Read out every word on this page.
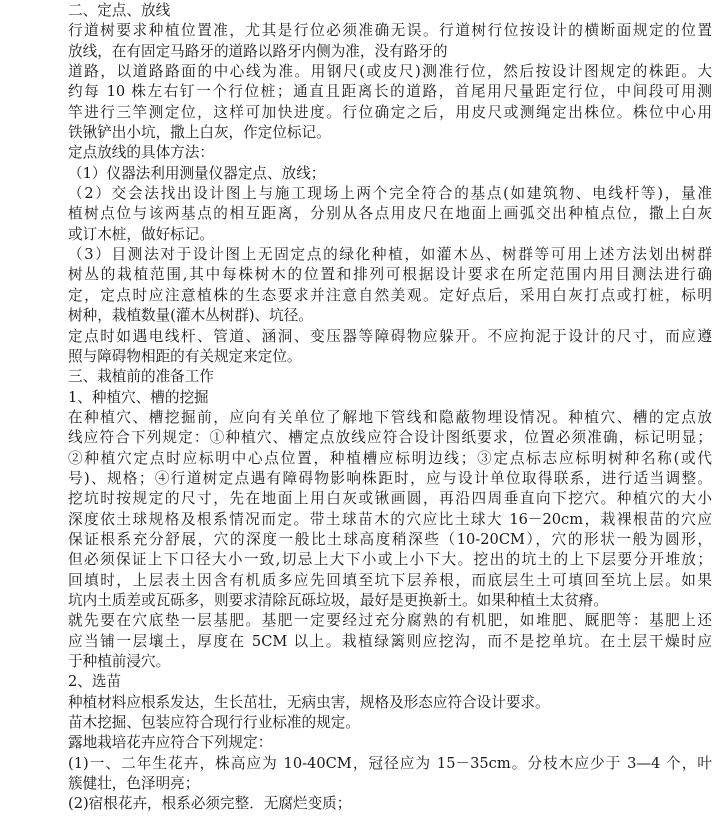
二、定点、放线
行道树要求种植位置准，尤其是行位必须准确无误。行道树行位按设计的横断面规定的位置
放线，在有固定马路牙的道路以路牙内侧为准，没有路牙的
道路，以道路路面的中心线为准。用钢尺(或皮尺)测准行位，然后按设计图规定的株距。大
约每 10 株左右钉一个行位桩；通直且距离长的道路，首尾用尺量距定行位，中间段可用测
竿进行三竿测定位，这样可加快进度。行位确定之后，用皮尺或测绳定出株位。株位中心用
铁锹铲出小坑，撒上白灰，作定位标记。
定点放线的具体方法：
（1）仪器法利用测量仪器定点、放线；
（2）交会法找出设计图上与施工现场上两个完全符合的基点(如建筑物、电线杆等)，量准
植树点位与该两基点的相互距离，分别从各点用皮尺在地面上画弧交出种植点位，撒上白灰
或订木桩，做好标记。
（3）目测法对于设计图上无固定点的绿化种植，如灌木丛、树群等可用上述方法划出树群
树丛的栽植范围,其中每株树木的位置和排列可根据设计要求在所定范围内用目测法进行确
定，定点时应注意植株的生态要求并注意自然美观。定好点后，采用白灰打点或打桩，标明
树种，栽植数量(灌木丛树群)、坑径。
定点时如遇电线杆、管道、涵洞、变压器等障碍物应躲开。不应拘泥于设计的尺寸，而应遵
照与障碍物相距的有关规定来定位。
三、栽植前的准备工作
1、种植穴、槽的挖掘
在种植穴、槽挖掘前，应向有关单位了解地下管线和隐蔽物埋设情况。种植穴、槽的定点放
线应符合下列规定：①种植穴、槽定点放线应符合设计图纸要求，位置必须准确，标记明显；
②种植穴定点时应标明中心点位置，种植槽应标明边线；③定点标志应标明树种名称(或代
号)、规格；④行道树定点遇有障碍物影响株距时，应与设计单位取得联系，进行适当调整。
挖坑时按规定的尺寸，先在地面上用白灰或锹画圆，再沿四周垂直向下挖穴。种植穴的大小
深度依土球规格及根系情况而定。带土球苗木的穴应比土球大 16－20cm，栽裸根苗的穴应
保证根系充分舒展，穴的深度一般比土球高度稍深些（10-20CM），穴的形状一般为圆形，
但必须保证上下口径大小一致,切忌上大下小或上小下大。挖出的坑土的上下层要分开堆放；
回填时，上层表土因含有机质多应先回填至坑下层养根，而底层生土可填回至坑上层。如果
坑内土质差或瓦砾多，则要求清除瓦砾垃圾，最好是更换新土。如果种植土太贫瘠。
就先要在穴底垫一层基肥。基肥一定要经过充分腐熟的有机肥，如堆肥、厩肥等：基肥上还
应当铺一层壤土，厚度在 5CM 以上。栽植绿篱则应挖沟，而不是挖单坑。在土层干燥时应
于种植前浸穴。
2、选苗
种植材料应根系发达，生长茁壮，无病虫害，规格及形态应符合设计要求。
苗木挖掘、包装应符合现行行业标准的规定。
露地栽培花卉应符合下列规定：
(1)一、二年生花卉，株高应为 10-40CM，冠径应为 15－35cm。分枝木应少于 3—4 个，叶
簇健壮，色泽明亮；
(2)宿根花卉，根系必须完整．无腐烂变质；
